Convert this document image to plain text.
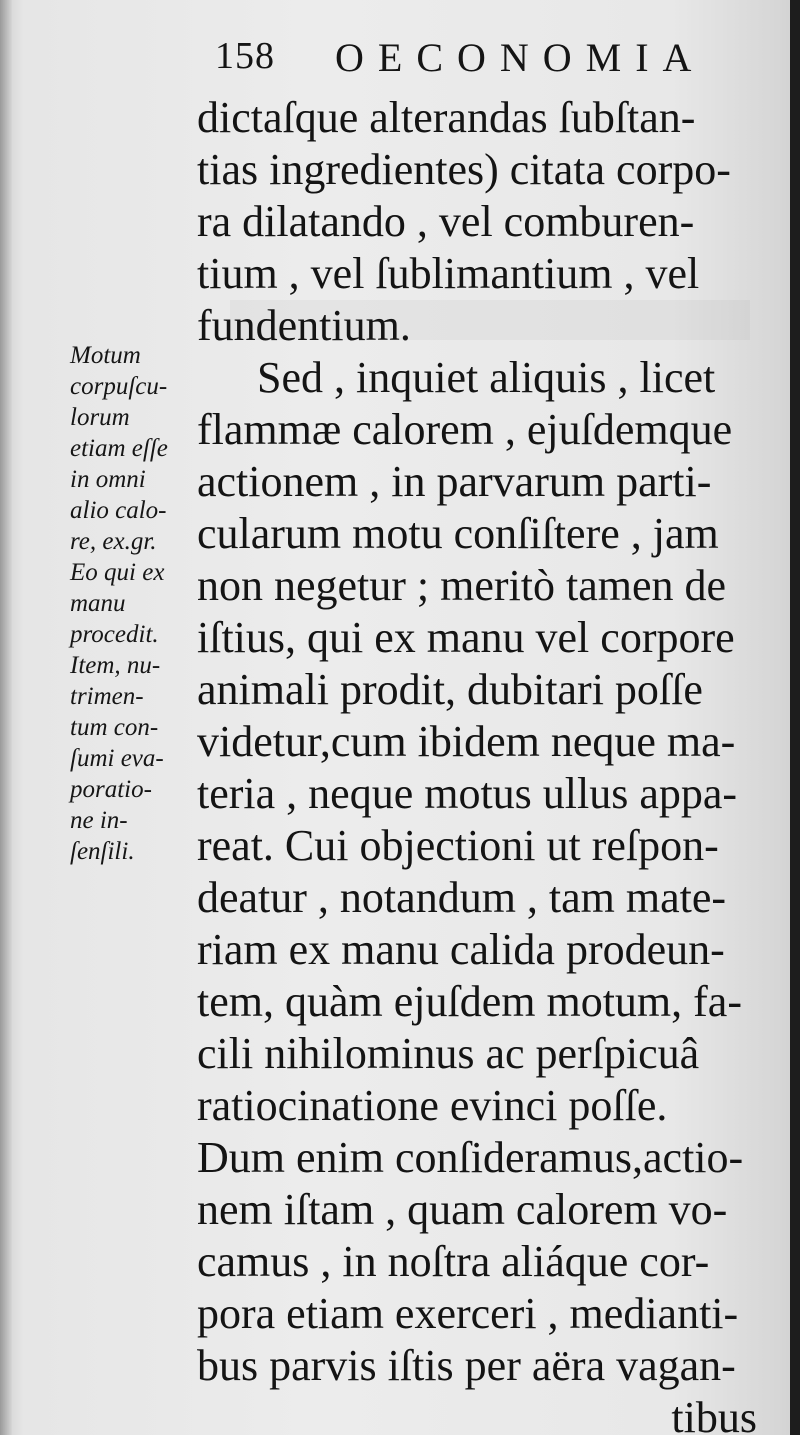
158 OECONOMIA
dictaſque alterandas ſubſtan-
tias ingredientes) citata corpo-
ra dilatando , vel comburen-
tium , vel ſublimantium , vel
fundentium.
Sed , inquiet aliquis , licet
flammæ calorem , ejuſdemque
actionem , in parvarum parti-
cularum motu conſiſtere , jam
non negetur ; meritò tamen de
iſtius, qui ex manu vel corpore
animali prodit, dubitari poſſe
videtur,cum ibidem neque ma-
teria , neque motus ullus appa-
reat. Cui objectioni ut reſpon-
deatur , notandum , tam mate-
riam ex manu calida prodeun-
tem, quàm ejuſdem motum, fa-
cili nihilominus ac perſpicuâ
ratiocinatione evinci poſſe.
Dum enim conſideramus,actio-
nem iſtam , quam calorem vo-
camus , in noſtra aliáque cor-
pora etiam exerceri , medianti-
bus parvis iſtis per aëra vagan-
tibus
Motum
corpuſcu-
lorum
etiam eſſe
in omni
alio calo-
re, ex.gr.
Eo qui ex
manu
procedit.
Item, nu-
trimen-
tum con-
ſumi eva-
poratio-
ne in-
ſenſili.
